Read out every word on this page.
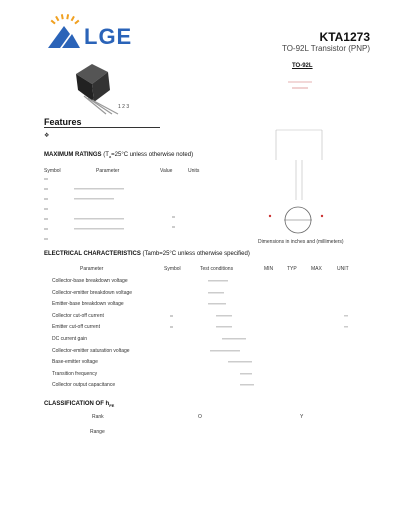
LGE	KTA1273
TO-92L Transistor (PNP)
1 2 3
TO-92L
Features
❖
MAXIMUM RATINGS ($T_a=25^\circ C$ unless otherwise noted)
Symbol	Parameter	Value	Units
Dimensions in inches and (millimeters)
ELECTRICAL CHARACTERISTICS (Tamb=25°C unless otherwise specified)
Parameter	Symbol	Test conditions	MIN	TYP	MAX	UNIT
Collector-base breakdown voltage
Collector-emitter breakdown voltage
Emitter-base breakdown voltage
Collector cut-off current
Emitter cut-off current
DC current gain
Collector-emitter saturation voltage
Base-emitter voltage
Transition frequency
Collector output capacitance
CLASSIFICATION OF $h_{FE}$
Rank	O	Y
Range
